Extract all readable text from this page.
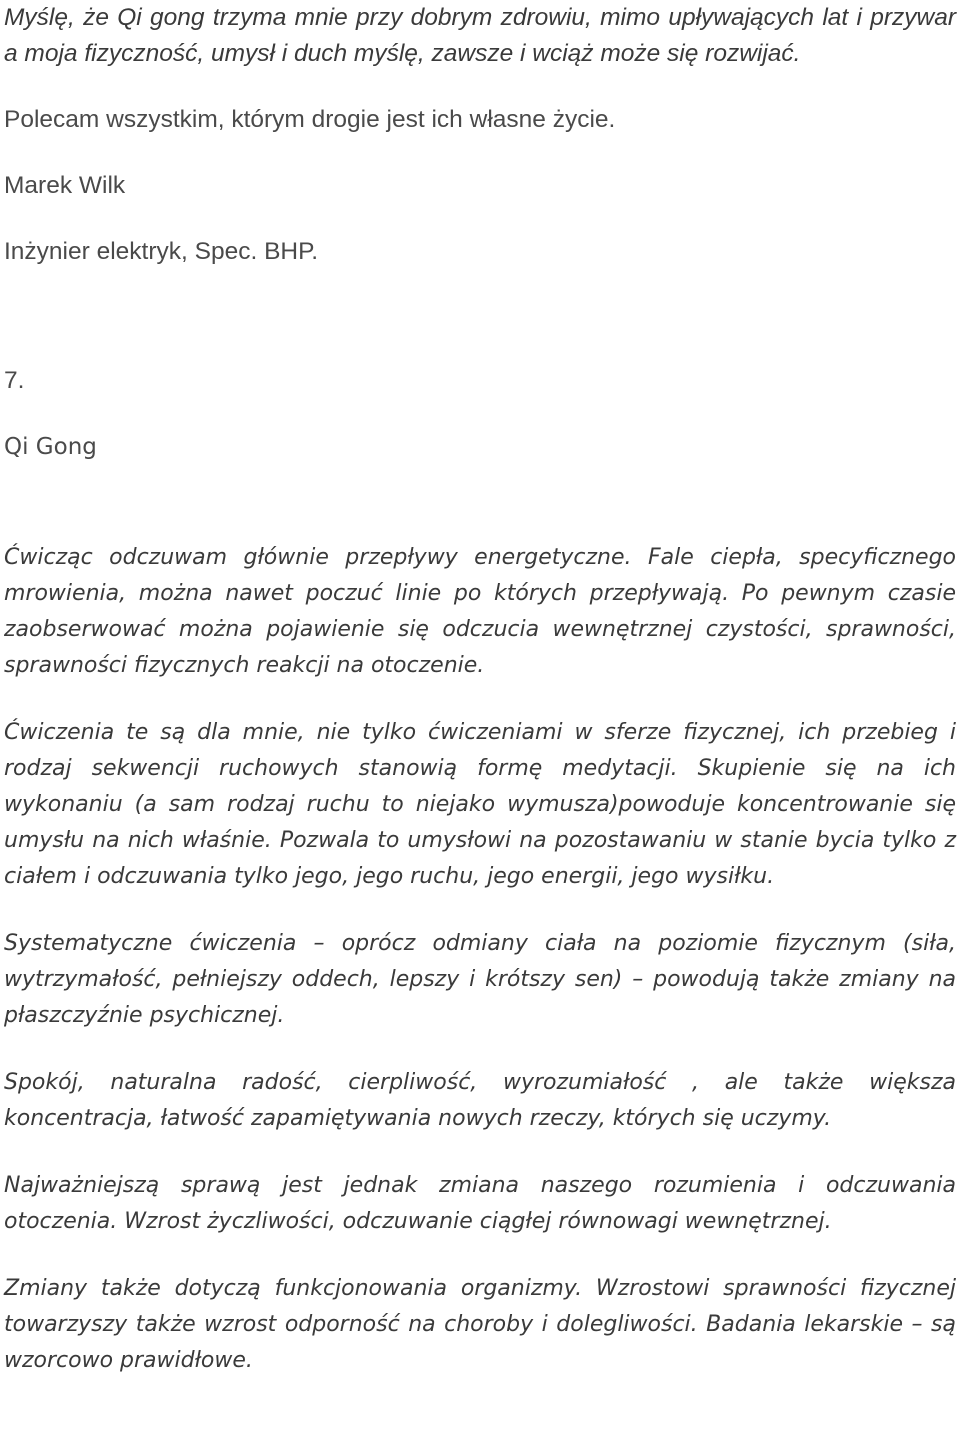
Myślę, że Qi gong trzyma mnie przy dobrym zdrowiu, mimo upływających lat i przywar a moja fizyczność, umysł i duch myślę, zawsze i wciąż może się rozwijać.

Polecam wszystkim, którym drogie jest ich własne życie.

Marek Wilk

Inżynier elektryk, Spec. BHP.

7.

Qi Gong

Ćwicząc odczuwam głównie przepływy energetyczne. Fale ciepła, specyficznego mrowienia, można nawet poczuć linie po których przepływają. Po pewnym czasie zaobserwować można pojawienie się odczucia wewnętrznej czystości, sprawności, sprawności fizycznych reakcji na otoczenie.

Ćwiczenia te są dla mnie, nie tylko ćwiczeniami w sferze fizycznej, ich przebieg i rodzaj sekwencji ruchowych stanowią formę medytacji. Skupienie się na ich wykonaniu (a sam rodzaj ruchu to niejako wymusza)powoduje koncentrowanie się umysłu na nich właśnie. Pozwala to umysłowi na pozostawaniu w stanie bycia tylko z ciałem i odczuwania tylko jego, jego ruchu, jego energii, jego wysiłku.

Systematyczne ćwiczenia – oprócz odmiany ciała na poziomie fizycznym (siła, wytrzymałość, pełniejszy oddech, lepszy i krótszy sen) – powodują także zmiany na płaszczyźnie psychicznej.

Spokój, naturalna radość, cierpliwość, wyrozumiałość , ale także większa koncentracja, łatwość zapamiętywania nowych rzeczy, których się uczymy.

Najważniejszą sprawą jest jednak zmiana naszego rozumienia i odczuwania otoczenia. Wzrost życzliwości, odczuwanie ciągłej równowagi wewnętrznej.

Zmiany także dotyczą funkcjonowania organizmy. Wzrostowi sprawności fizycznej towarzyszy także wzrost odporność na choroby i dolegliwości. Badania lekarskie – są wzorcowo prawidłowe.
